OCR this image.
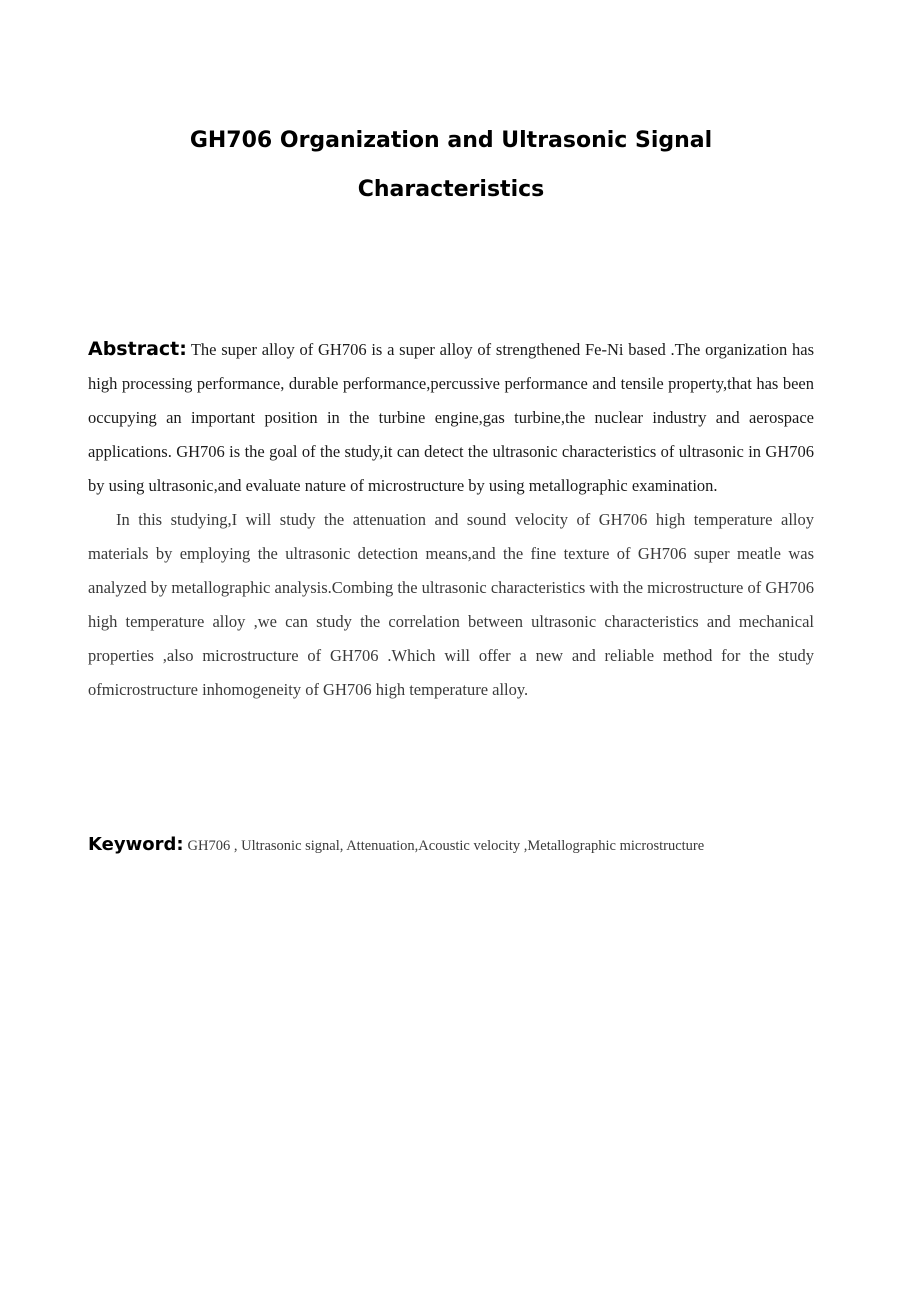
GH706 Organization and Ultrasonic Signal
Characteristics

Abstract: The super alloy of GH706 is a super alloy of strengthened Fe-Ni based .The organization has high processing performance, durable performance,percussive performance and tensile property,that has been occupying an important position in the turbine engine,gas turbine,the nuclear industry and aerospace applications. GH706 is the goal of the study,it can detect the ultrasonic characteristics of ultrasonic in GH706 by using ultrasonic,and evaluate nature of microstructure by using metallographic examination.

In this studying,I will study the attenuation and sound velocity of GH706 high temperature alloy materials by employing the ultrasonic detection means,and the fine texture of GH706 super meatle was analyzed by metallographic analysis.Combing the ultrasonic characteristics with the microstructure of GH706 high temperature alloy ,we can study the correlation between ultrasonic characteristics and mechanical properties ,also microstructure of GH706 .Which will offer a new and reliable method for the study ofmicrostructure inhomogeneity of GH706 high temperature alloy.

Keyword: GH706 , Ultrasonic signal, Attenuation,Acoustic velocity ,Metallographic microstructure
